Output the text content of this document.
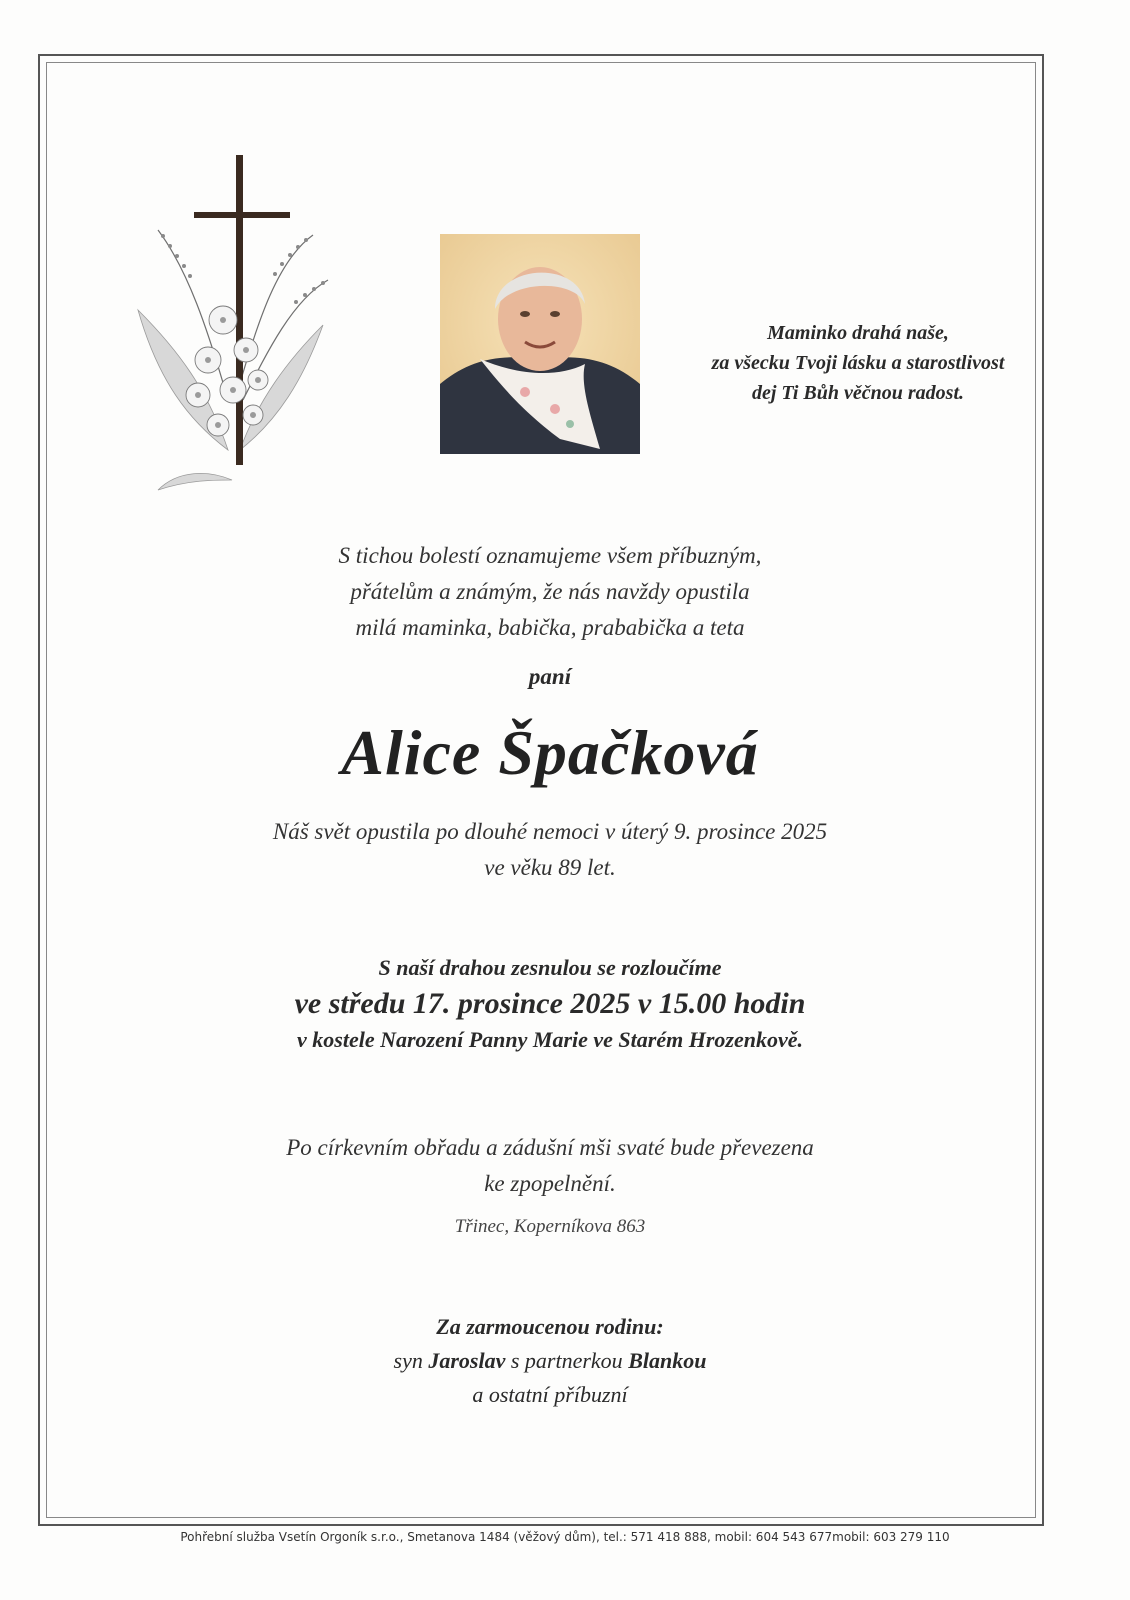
Maminko drahá naše,
za všecku Tvoji lásku a starostlivost
dej Ti Bůh věčnou radost.
S tichou bolestí oznamujeme všem příbuzným,
přátelům a známým, že nás navždy opustila
milá maminka, babička, prababička a teta
paní
Alice Špačková
Náš svět opustila po dlouhé nemoci v úterý 9. prosince 2025
ve věku 89 let.
S naší drahou zesnulou se rozloučíme
ve středu 17. prosince 2025 v 15.00 hodin
v kostele Narození Panny Marie ve Starém Hrozenkově.
Po církevním obřadu a zádušní mši svaté bude převezena
ke zpopelnění.
Třinec, Koperníkova 863
Za zarmoucenou rodinu:
syn Jaroslav s partnerkou Blankou
a ostatní příbuzní
Pohřební služba Vsetín Orgoník s.r.o., Smetanova 1484 (věžový dům), tel.: 571 418 888, mobil: 604 543 677mobil: 603 279 110
